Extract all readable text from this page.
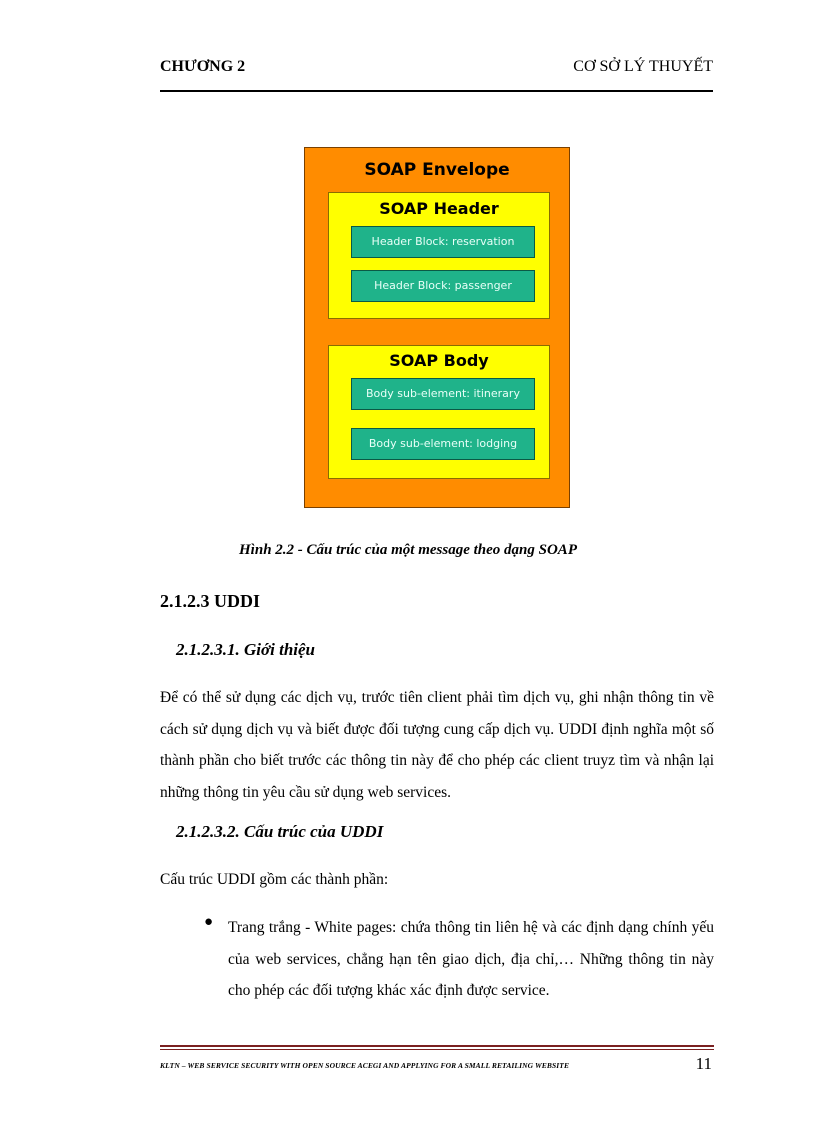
CHƯƠNG 2	CƠ SỞ LÝ THUYẾT
SOAP Envelope
SOAP Header
Header Block: reservation
Header Block: passenger
SOAP Body
Body sub-element: itinerary
Body sub-element: lodging
Hình 2.2 - Cấu trúc của một message theo dạng SOAP
2.1.2.3 UDDI
2.1.2.3.1. Giới thiệu
Để có thể sử dụng các dịch vụ, trước tiên client phải tìm dịch vụ, ghi nhận thông tin về cách sử dụng dịch vụ và biết được đối tượng cung cấp dịch vụ. UDDI định nghĩa một số thành phần cho biết trước các thông tin này để cho phép các client truyz tìm và nhận lại những thông tin yêu cầu sử dụng web services.
2.1.2.3.2. Cấu trúc của UDDI
Cấu trúc UDDI gồm các thành phần:
● Trang trắng - White pages: chứa thông tin liên hệ và các định dạng chính yếu của web services, chẳng hạn tên giao dịch, địa chỉ,… Những thông tin này cho phép các đối tượng khác xác định được service.
KLTN – WEB SERVICE SECURITY WITH OPEN SOURCE ACEGI AND APPLYING FOR A SMALL RETAILING WEBSITE	11
